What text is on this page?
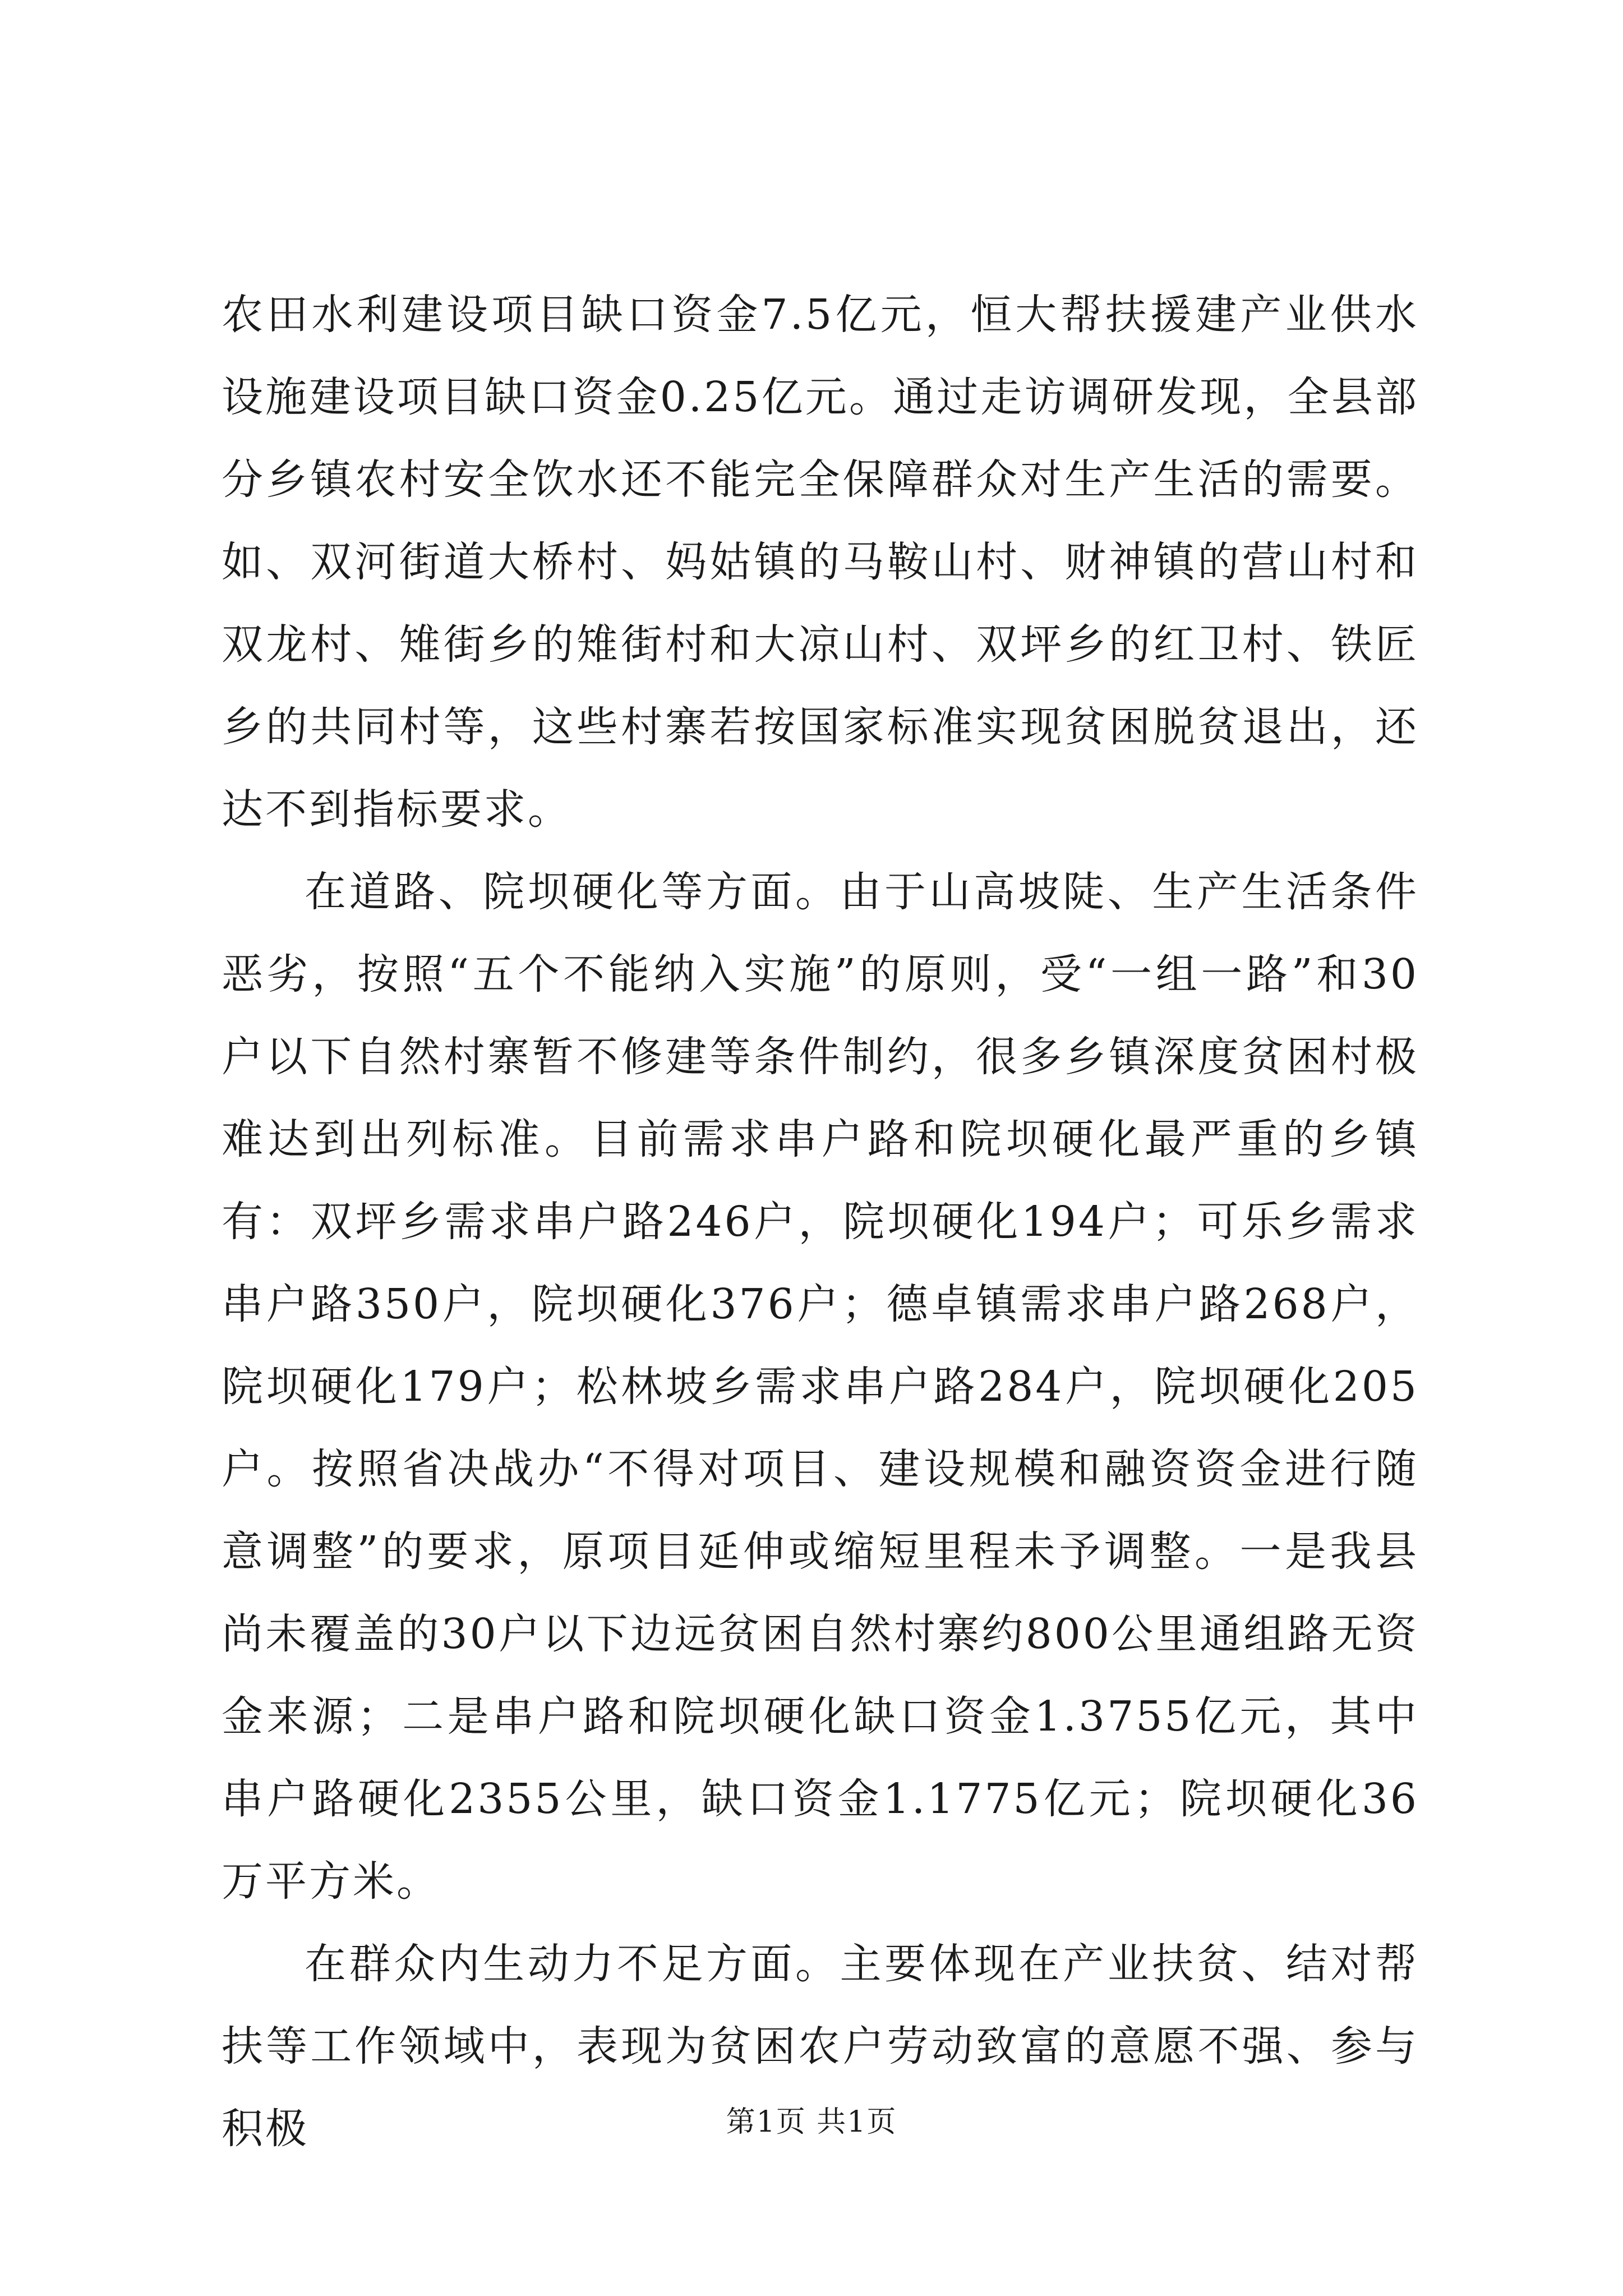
农田水利建设项目缺口资金7.5亿元，恒大帮扶援建产业供水设施建设项目缺口资金0.25亿元。通过走访调研发现，全县部分乡镇农村安全饮水还不能完全保障群众对生产生活的需要。如、双河街道大桥村、妈姑镇的马鞍山村、财神镇的营山村和双龙村、雉街乡的雉街村和大凉山村、双坪乡的红卫村、铁匠乡的共同村等，这些村寨若按国家标准实现贫困脱贫退出，还达不到指标要求。

在道路、院坝硬化等方面。由于山高坡陡、生产生活条件恶劣，按照“五个不能纳入实施”的原则，受“一组一路”和30户以下自然村寨暂不修建等条件制约，很多乡镇深度贫困村极难达到出列标准。目前需求串户路和院坝硬化最严重的乡镇有：双坪乡需求串户路246户，院坝硬化194户；可乐乡需求串户路350户，院坝硬化376户；德卓镇需求串户路268户，院坝硬化179户；松林坡乡需求串户路284户，院坝硬化205户。按照省决战办“不得对项目、建设规模和融资资金进行随意调整”的要求，原项目延伸或缩短里程未予调整。一是我县尚未覆盖的30户以下边远贫困自然村寨约800公里通组路无资金来源；二是串户路和院坝硬化缺口资金1.3755亿元，其中串户路硬化2355公里，缺口资金1.1775亿元；院坝硬化36万平方米。

在群众内生动力不足方面。主要体现在产业扶贫、结对帮扶等工作领域中，表现为贫困农户劳动致富的意愿不强、参与积极	第1页 共1页
